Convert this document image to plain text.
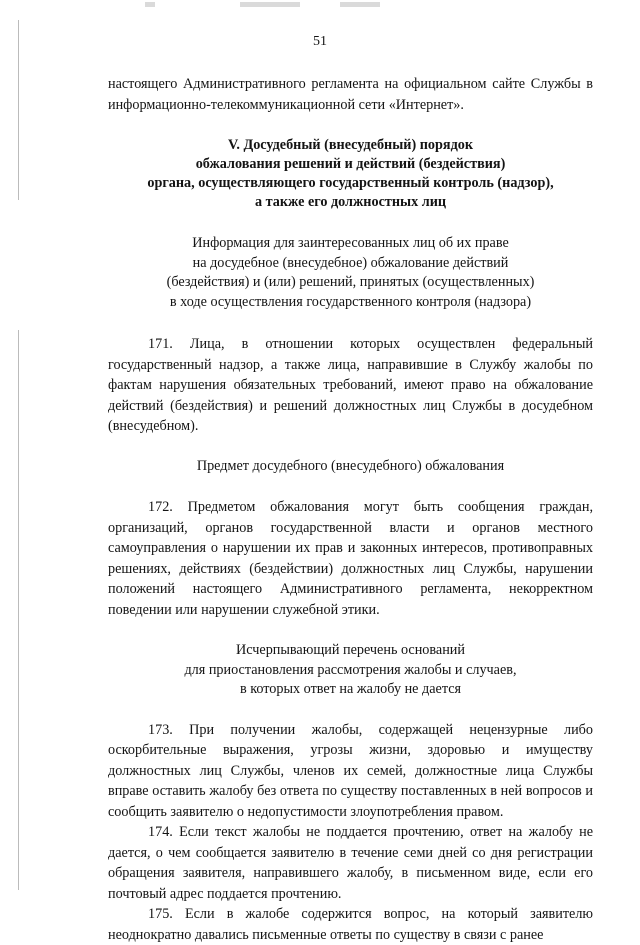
51

настоящего Административного регламента на официальном сайте Службы в информационно-телекоммуникационной сети «Интернет».

V. Досудебный (внесудебный) порядок

обжалования решений и действий (бездействия)

органа, осуществляющего государственный контроль (надзор),

а также его должностных лиц

Информация для заинтересованных лиц об их праве

на досудебное (внесудебное) обжалование действий

(бездействия) и (или) решений, принятых (осуществленных)

в ходе осуществления государственного контроля (надзора)

171. Лица, в отношении которых осуществлен федеральный государственный надзор, а также лица, направившие в Службу жалобы по фактам нарушения обязательных требований, имеют право на обжалование действий (бездействия) и решений должностных лиц Службы в досудебном (внесудебном).

Предмет досудебного (внесудебного) обжалования

172. Предметом обжалования могут быть сообщения граждан, организаций, органов государственной власти и органов местного самоуправления о нарушении их прав и законных интересов, противоправных решениях, действиях (бездействии) должностных лиц Службы, нарушении положений настоящего Административного регламента, некорректном поведении или нарушении служебной этики.

Исчерпывающий перечень оснований

для приостановления рассмотрения жалобы и случаев,

в которых ответ на жалобу не дается

173. При получении жалобы, содержащей нецензурные либо оскорбительные выражения, угрозы жизни, здоровью и имуществу должностных лиц Службы, членов их семей, должностные лица Службы вправе оставить жалобу без ответа по существу поставленных в ней вопросов и сообщить заявителю о недопустимости злоупотребления правом.

174. Если текст жалобы не поддается прочтению, ответ на жалобу не дается, о чем сообщается заявителю в течение семи дней со дня регистрации обращения заявителя, направившего жалобу, в письменном виде, если его почтовый адрес поддается прочтению.

175. Если в жалобе содержится вопрос, на который заявителю неоднократно давались письменные ответы по существу в связи с ранее
